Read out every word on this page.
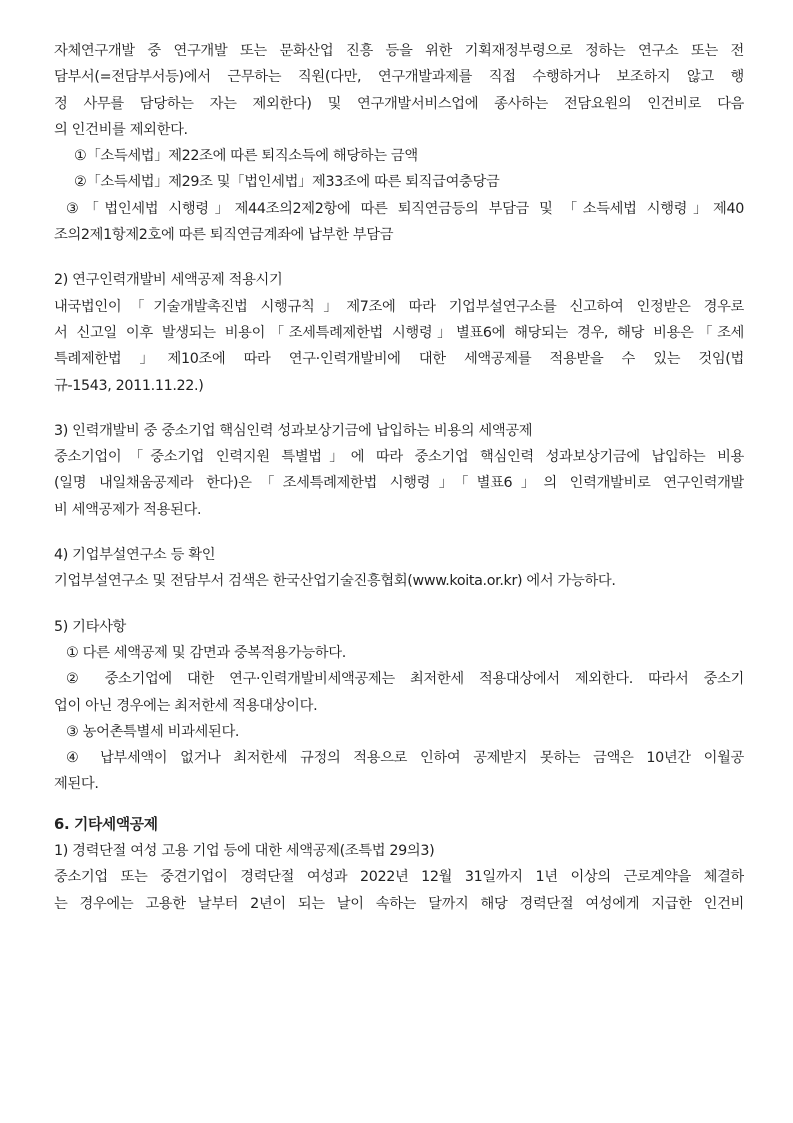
자체연구개발 중 연구개발 또는 문화산업 진흥 등을 위한 기획재정부령으로 정하는 연구소 또는 전
담부서(=전담부서등)에서 근무하는 직원(다만, 연구개발과제를 직접 수행하거나 보조하지 않고 행
정 사무를 담당하는 자는 제외한다) 및 연구개발서비스업에 종사하는 전담요원의 인건비로 다음
의 인건비를 제외한다.
①「소득세법」제22조에 따른 퇴직소득에 해당하는 금액
②「소득세법」제29조 및「법인세법」제33조에 따른 퇴직급여충당금
③「법인세법 시행령」제44조의2제2항에 따른 퇴직연금등의 부담금 및 「소득세법 시행령」제40
조의2제1항제2호에 따른 퇴직연금계좌에 납부한 부담금
2) 연구인력개발비 세액공제 적용시기
내국법인이「기술개발촉진법 시행규칙」제7조에 따라 기업부설연구소를 신고하여 인정받은 경우로
서 신고일 이후 발생되는 비용이「조세특례제한법 시행령」별표6에 해당되는 경우, 해당 비용은「조세
특례제한법 」제10조에 따라 연구·인력개발비에 대한 세액공제를 적용받을 수 있는 것임(법
규-1543, 2011.11.22.)
3) 인력개발비 중 중소기업 핵심인력 성과보상기금에 납입하는 비용의 세액공제
중소기업이「중소기업 인력지원 특별법」에 따라 중소기업 핵심인력 성과보상기금에 납입하는 비용
(일명 내일채움공제라 한다)은「조세특례제한법 시행령」「별표6」의 인력개발비로 연구인력개발
비 세액공제가 적용된다.
4) 기업부설연구소 등 확인
기업부설연구소 및 전담부서 검색은 한국산업기술진흥협회(www.koita.or.kr) 에서 가능하다.
5) 기타사항
① 다른 세액공제 및 감면과 중복적용가능하다.
② 중소기업에 대한 연구·인력개발비세액공제는 최저한세 적용대상에서 제외한다. 따라서 중소기
업이 아닌 경우에는 최저한세 적용대상이다.
③ 농어촌특별세 비과세된다.
④ 납부세액이 없거나 최저한세 규정의 적용으로 인하여 공제받지 못하는 금액은 10년간 이월공
제된다.
6. 기타세액공제
1) 경력단절 여성 고용 기업 등에 대한 세액공제(조특법 29의3)
중소기업 또는 중견기업이 경력단절 여성과 2022년 12월 31일까지 1년 이상의 근로계약을 체결하
는 경우에는 고용한 날부터 2년이 되는 날이 속하는 달까지 해당 경력단절 여성에게 지급한 인건비
